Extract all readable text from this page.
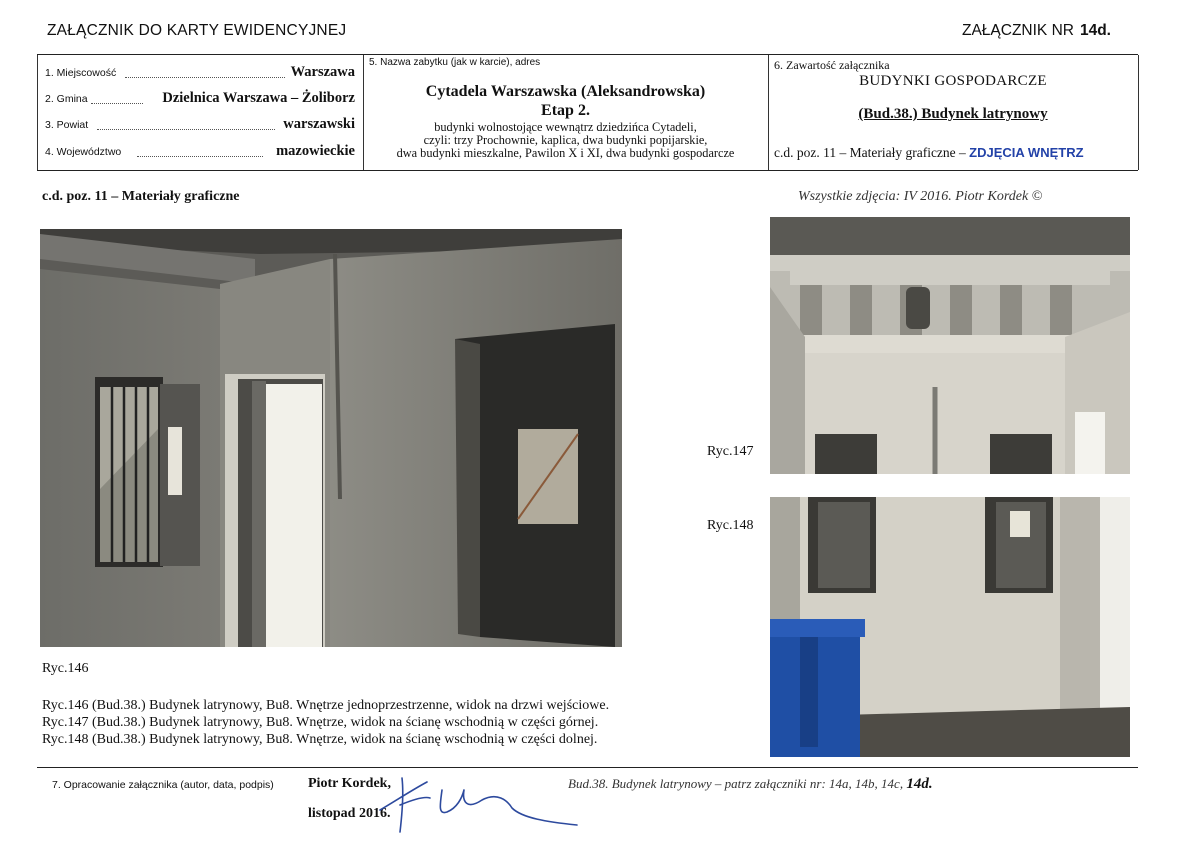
ZAŁĄCZNIK DO KARTY EWIDENCYJNEJ	ZAŁĄCZNIK NR 14d.
1. Miejscowość	Warszawa
2. Gmina	Dzielnica Warszawa – Żoliborz
3. Powiat	warszawski
4. Województwo	mazowieckie
5. Nazwa zabytku (jak w karcie), adres
Cytadela Warszawska (Aleksandrowska)
Etap 2.
budynki wolnostojące wewnątrz dziedzińca Cytadeli,
czyli: trzy Prochownie, kaplica, dwa budynki popijarskie,
dwa budynki mieszkalne, Pawilon X i XI, dwa budynki gospodarcze
6. Zawartość załącznika
BUDYNKI GOSPODARCZE
(Bud.38.) Budynek latrynowy
c.d. poz. 11 – Materiały graficzne – ZDJĘCIA WNĘTRZ
c.d. poz. 11 – Materiały graficzne	Wszystkie zdjęcia: IV 2016. Piotr Kordek ©
Ryc.146
Ryc.147
Ryc.148
Ryc.146 (Bud.38.) Budynek latrynowy, Bu8. Wnętrze jednoprzestrzenne, widok na drzwi wejściowe.
Ryc.147 (Bud.38.) Budynek latrynowy, Bu8. Wnętrze, widok na ścianę wschodnią w części górnej.
Ryc.148 (Bud.38.) Budynek latrynowy, Bu8. Wnętrze, widok na ścianę wschodnią w części dolnej.
7. Opracowanie załącznika (autor, data, podpis) Piotr Kordek,
listopad 2016.
Bud.38. Budynek latrynowy – patrz załączniki nr: 14a, 14b, 14c, 14d.
